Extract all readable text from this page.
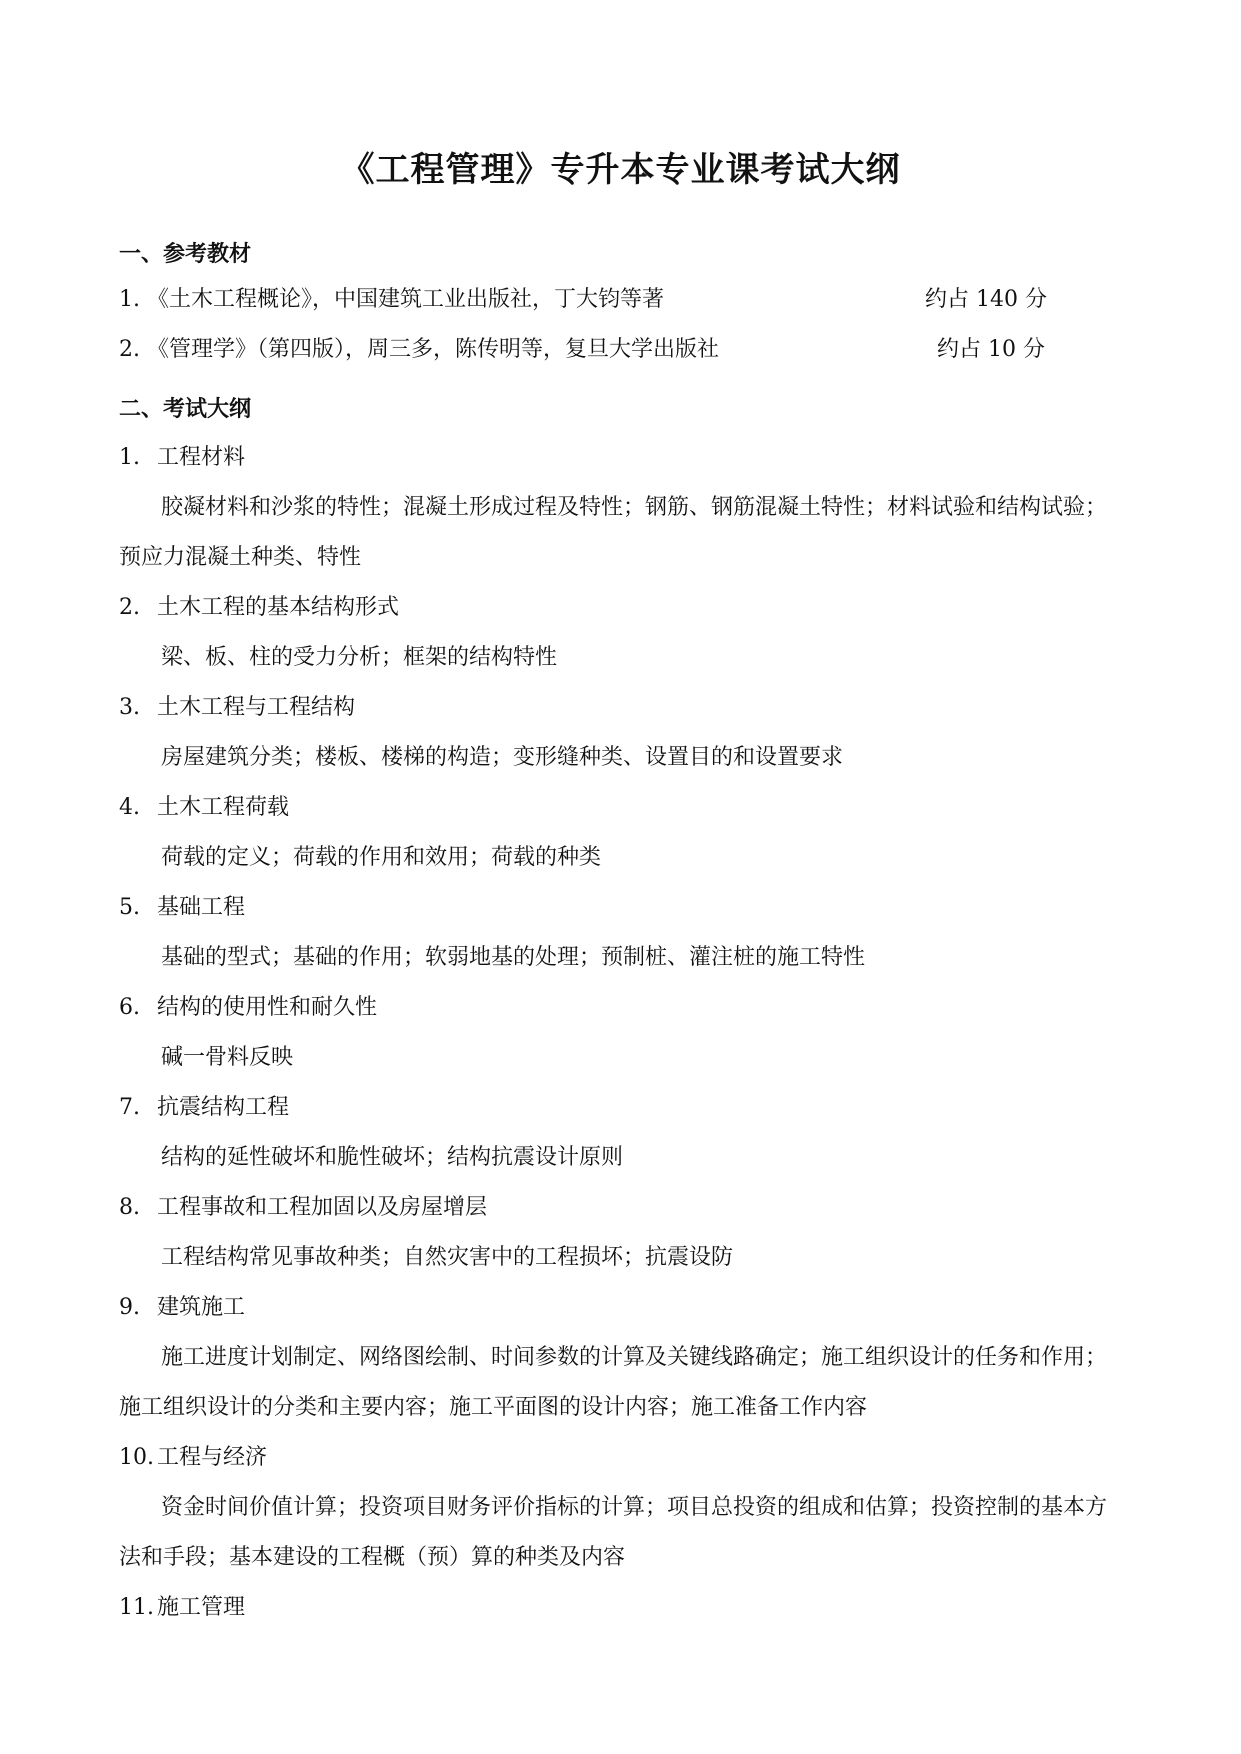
《工程管理》专升本专业课考试大纲
一、参考教材
1. 《土木工程概论》，中国建筑工业出版社，丁大钧等著	约占 140 分
2. 《管理学》（第四版），周三多，陈传明等，复旦大学出版社	约占 10 分
二、考试大纲
1. 工程材料
胶凝材料和沙浆的特性；混凝土形成过程及特性；钢筋、钢筋混凝土特性；材料试验和结构试验；预应力混凝土种类、特性
2. 土木工程的基本结构形式
梁、板、柱的受力分析；框架的结构特性
3. 土木工程与工程结构
房屋建筑分类；楼板、楼梯的构造；变形缝种类、设置目的和设置要求
4. 土木工程荷载
荷载的定义；荷载的作用和效用；荷载的种类
5. 基础工程
基础的型式；基础的作用；软弱地基的处理；预制桩、灌注桩的施工特性
6. 结构的使用性和耐久性
碱一骨料反映
7. 抗震结构工程
结构的延性破坏和脆性破坏；结构抗震设计原则
8. 工程事故和工程加固以及房屋增层
工程结构常见事故种类；自然灾害中的工程损坏；抗震设防
9. 建筑施工
施工进度计划制定、网络图绘制、时间参数的计算及关键线路确定；施工组织设计的任务和作用；施工组织设计的分类和主要内容；施工平面图的设计内容；施工准备工作内容
10. 工程与经济
资金时间价值计算；投资项目财务评价指标的计算；项目总投资的组成和估算；投资控制的基本方法和手段；基本建设的工程概（预）算的种类及内容
11. 施工管理
